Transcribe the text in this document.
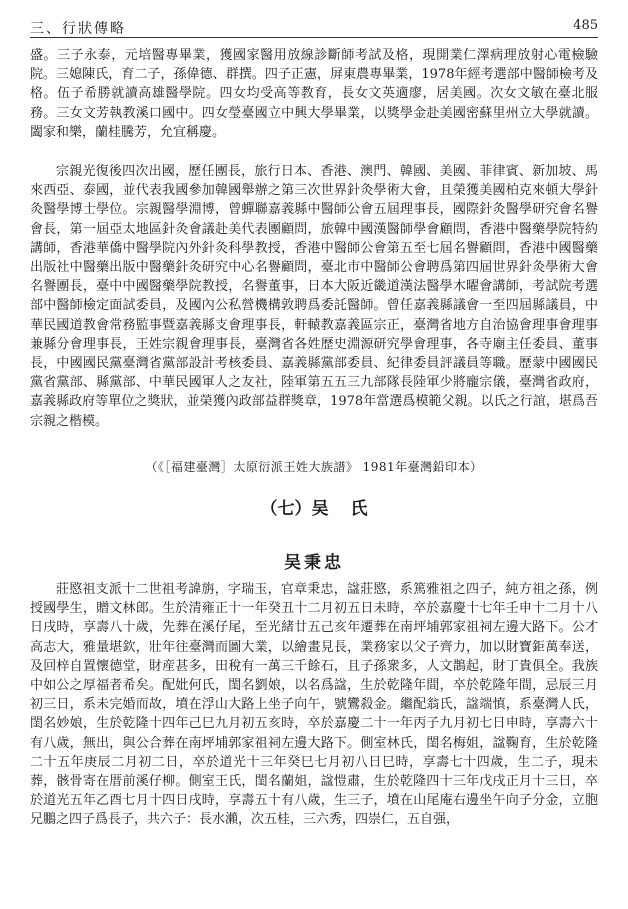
三、行狀傳略	485

盛。三子永泰，元培醫專畢業，獲國家醫用放線診斷師考試及格，現開業仁澤病理放射心電檢驗院。三媳陳氏，育二子，孫偉德、群撰。四子正憲，屏東農專畢業，1978年經考選部中醫師檢考及格。伍子希勝就讀高雄醫學院。四女均受高等教育，長女文英適廖，居美國。次女文敏在臺北服務。三女文芳執教溪口國中。四女瑩臺國立中興大學畢業，以獎學金赴美國密蘇里州立大學就讀。闔家和樂，蘭桂騰芳，允宜稱慶。

宗親光復後四次出國，歷任團長，旅行日本、香港、澳門、韓國、美國、菲律賓、新加坡、馬來西亞、泰國，並代表我國參加韓國舉辦之第三次世界針灸學術大會，且榮獲美國柏克來頓大學針灸醫學博士學位。宗親醫學淵博，曾蟬聯嘉義縣中醫師公會五屆理事長，國際針灸醫學研究會名譽會長，第一屆亞太地區針灸會議赴美代表團顧問，旅韓中國漢醫師學會顧問，香港中醫藥學院特約講師，香港華僑中醫學院內外針灸科學教授，香港中醫師公會第五至七屆名譽顧問，香港中國醫藥出版社中醫藥出版中醫藥針灸研究中心名譽顧問，臺北市中醫師公會聘爲第四屆世界針灸學術大會名譽團長，臺中中國醫藥學院教授，名譽董事，日本大阪近畿道漢法醫學木曜會講師，考試院考選部中醫師檢定面試委員，及國內公私營機構敦聘爲委託醫師。曾任嘉義縣議會一至四屆縣議員，中華民國道教會常務監事暨嘉義縣支會理事長，軒轅教嘉義區宗正，臺灣省地方自治協會理事會理事兼縣分會理事長，王姓宗親會理事長，臺灣省各姓歷史淵源研究學會理事，各寺廟主任委員、董事長，中國國民黨臺灣省黨部設計考核委員、嘉義縣黨部委員、紀律委員評議員等職。歷蒙中國國民黨省黨部、縣黨部、中華民國軍人之友社，陸軍第五五三九部隊長陸軍少將龐宗儀，臺灣省政府，嘉義縣政府等單位之獎狀，並榮獲內政部益群獎章，1978年當選爲模範父親。以氏之行誼，堪爲吾宗親之楷模。

（《［福建臺灣］太原衍派王姓大族譜》 1981年臺灣鉛印本）

（七）吴 氏
吴秉忠

莊愍祖支派十二世祖考諱旃，字瑞玉，官章秉忠，諡莊愍，系篤雅祖之四子，純方祖之孫，例授國學生，贈文林郎。生於清雍正十一年癸丑十二月初五日未時，卒於嘉慶十七年壬申十二月十八日戌時，享壽八十歲，先葬在溪仔尾，至光緒廿五己亥年遷葬在南坪埔郭家祖祠左邊大路下。公才高志大，雅量堪欽，壯年往臺灣而圖大業，以繪畫見長，業務家以父子齊力，加以財寶鉅萬奉送，及回梓自置懷德堂，財産甚多，田稅有一萬三千餘石，且子孫衆多，人文鵲起，財丁貴俱全。我族中如公之厚福者希矣。配妣何氏，閨名劉娘，以名爲諡，生於乾隆年間，卒於乾隆年間，忌辰三月初三日，系未完婚而故，墳在浮山大路上坐子向午，號鸞殺金。繼配翁氏，諡端慎，系臺灣人氏，閨名妙娘，生於乾隆十四年己巳九月初五亥時，卒於嘉慶二十一年丙子九月初七日申時，享壽六十有八歲，無出，與公合葬在南坪埔郭家祖祠左邊大路下。側室林氏，閨名梅姐，諡鞠育，生於乾隆二十五年庚辰二月初二日，卒於道光十三年癸巳七月初八日巳時，享壽七十四歲，生二子，現未葬，骸骨寄在厝前溪仔柳。側室王氏，閨名蘭姐，諡愷肅，生於乾隆四十三年戊戌正月十三日，卒於道光五年乙酉七月十四日戌時，享壽五十有八歲，生三子，墳在山尾庵右邊坐午向子分金，立胞兄鵬之四子爲長子，共六子：長水瀨，次五桂，三六秀，四崇仁，五自强，
